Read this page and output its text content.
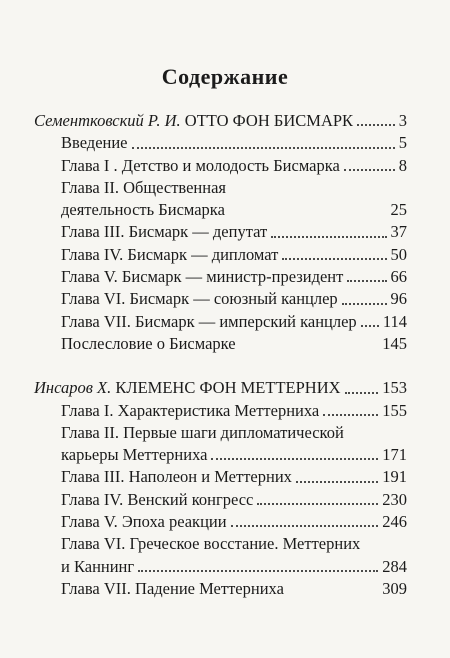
Содержание
Сементковский Р. И. ОТТО ФОН БИСМАРК	3
Введение	5
Глава I . Детство и молодость Бисмарка	8
Глава II. Общественная
деятельность Бисмарка	25
Глава III. Бисмарк — депутат	37
Глава IV. Бисмарк — дипломат	50
Глава V. Бисмарк — министр-президент	66
Глава VI. Бисмарк — союзный канцлер	96
Глава VII. Бисмарк — имперский канцлер 114
Послесловие о Бисмарке	145
Инсаров Х. КЛЕМЕНС ФОН МЕТТЕРНИХ	153
Глава I. Характеристика Меттерниха	155
Глава II. Первые шаги дипломатической
карьеры Меттерниха	171
Глава III. Наполеон и Меттерних	191
Глава IV. Венский конгресс	230
Глава V. Эпоха реакции	246
Глава VI. Греческое восстание. Меттерних
и Каннинг	284
Глава VII. Падение Меттерниха	309
